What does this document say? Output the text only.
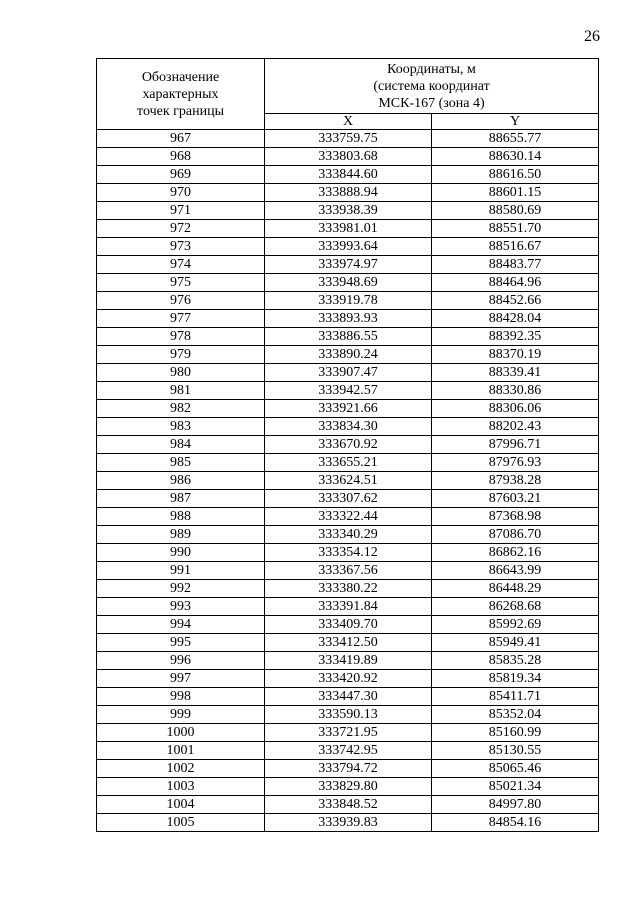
26
Обозначение
характерных
точек границы	Координаты, м
(система координат
МСК-167 (зона 4)	

	X	Y
967	333759.75	88655.77
968	333803.68	88630.14
969	333844.60	88616.50
970	333888.94	88601.15
971	333938.39	88580.69
972	333981.01	88551.70
973	333993.64	88516.67
974	333974.97	88483.77
975	333948.69	88464.96
976	333919.78	88452.66
977	333893.93	88428.04
978	333886.55	88392.35
979	333890.24	88370.19
980	333907.47	88339.41
981	333942.57	88330.86
982	333921.66	88306.06
983	333834.30	88202.43
984	333670.92	87996.71
985	333655.21	87976.93
986	333624.51	87938.28
987	333307.62	87603.21
988	333322.44	87368.98
989	333340.29	87086.70
990	333354.12	86862.16
991	333367.56	86643.99
992	333380.22	86448.29
993	333391.84	86268.68
994	333409.70	85992.69
995	333412.50	85949.41
996	333419.89	85835.28
997	333420.92	85819.34
998	333447.30	85411.71
999	333590.13	85352.04
1000	333721.95	85160.99
1001	333742.95	85130.55
1002	333794.72	85065.46
1003	333829.80	85021.34
1004	333848.52	84997.80
1005	333939.83	84854.16
